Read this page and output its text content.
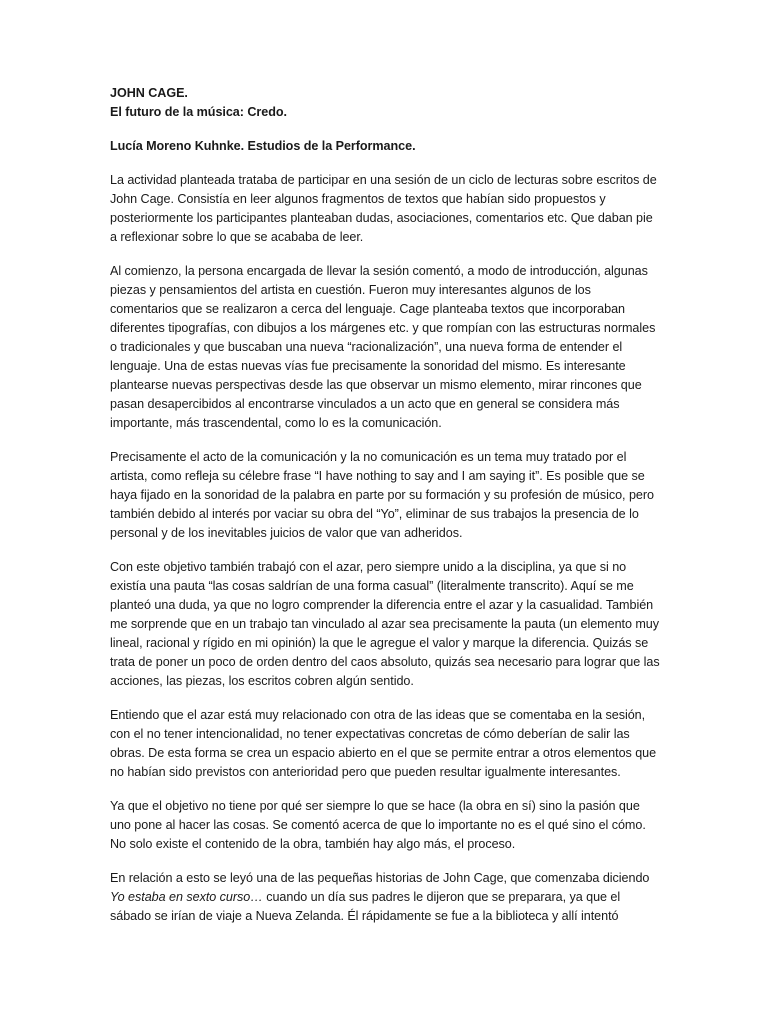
JOHN CAGE.
El futuro de la música: Credo.
Lucía Moreno Kuhnke. Estudios de la Performance.

La actividad planteada trataba de participar en una sesión de un ciclo de lecturas sobre escritos de John Cage. Consistía en leer algunos fragmentos de textos que habían sido propuestos y posteriormente los participantes planteaban dudas, asociaciones, comentarios etc. Que daban pie a reflexionar sobre lo que se acababa de leer.

Al comienzo, la persona encargada de llevar la sesión comentó, a modo de introducción, algunas piezas y pensamientos del artista en cuestión. Fueron muy interesantes algunos de los comentarios que se realizaron a cerca del lenguaje. Cage planteaba textos que incorporaban diferentes tipografías, con dibujos a los márgenes etc. y que rompían con las estructuras normales o tradicionales y que buscaban una nueva “racionalización”, una nueva forma de entender el lenguaje. Una de estas nuevas vías fue precisamente la sonoridad del mismo. Es interesante plantearse nuevas perspectivas desde las que observar un mismo elemento, mirar rincones que pasan desapercibidos al encontrarse vinculados a un acto que en general se considera más importante, más trascendental, como lo es la comunicación.

Precisamente el acto de la comunicación y la no comunicación es un tema muy tratado por el artista, como refleja su célebre frase “I have nothing to say and I am saying it”. Es posible que se haya fijado en la sonoridad de la palabra en parte por su formación y su profesión de músico, pero también debido al interés por vaciar su obra del “Yo”, eliminar de sus trabajos la presencia de lo personal y de los inevitables juicios de valor que van adheridos.

Con este objetivo también trabajó con el azar, pero siempre unido a la disciplina, ya que si no existía una pauta “las cosas saldrían de una forma casual” (literalmente transcrito). Aquí se me planteó una duda, ya que no logro comprender la diferencia entre el azar y la casualidad. También me sorprende que en un trabajo tan vinculado al azar sea precisamente la pauta (un elemento muy lineal, racional y rígido en mi opinión) la que le agregue el valor y marque la diferencia. Quizás se trata de poner un poco de orden dentro del caos absoluto, quizás sea necesario para lograr que las acciones, las piezas, los escritos cobren algún sentido.

Entiendo que el azar está muy relacionado con otra de las ideas que se comentaba en la sesión, con el no tener intencionalidad, no tener expectativas concretas de cómo deberían de salir las obras. De esta forma se crea un espacio abierto en el que se permite entrar a otros elementos que no habían sido previstos con anterioridad pero que pueden resultar igualmente interesantes.

Ya que el objetivo no tiene por qué ser siempre lo que se hace (la obra en sí) sino la pasión que uno pone al hacer las cosas. Se comentó acerca de que lo importante no es el qué sino el cómo. No solo existe el contenido de la obra, también hay algo más, el proceso.

En relación a esto se leyó una de las pequeñas historias de John Cage, que comenzaba diciendo Yo estaba en sexto curso… cuando un día sus padres le dijeron que se preparara, ya que el sábado se irían de viaje a Nueva Zelanda. Él rápidamente se fue a la biblioteca y allí intentó
